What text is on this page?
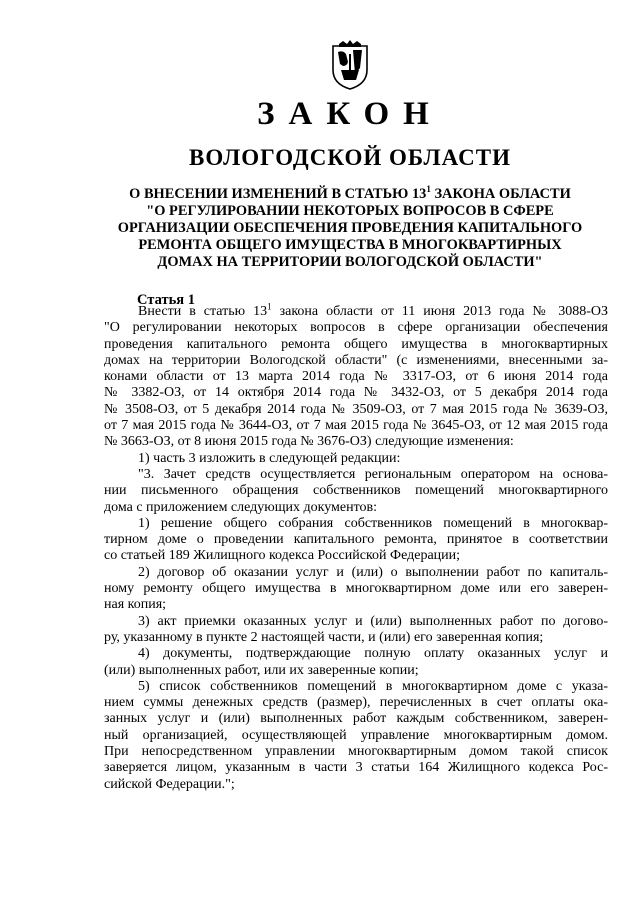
ЗАКОН
ВОЛОГОДСКОЙ ОБЛАСТИ
О ВНЕСЕНИИ ИЗМЕНЕНИЙ В СТАТЬЮ $13^1$ ЗАКОНА ОБЛАСТИ
"О РЕГУЛИРОВАНИИ НЕКОТОРЫХ ВОПРОСОВ В СФЕРЕ
ОРГАНИЗАЦИИ ОБЕСПЕЧЕНИЯ ПРОВЕДЕНИЯ КАПИТАЛЬНОГО
РЕМОНТА ОБЩЕГО ИМУЩЕСТВА В МНОГОКВАРТИРНЫХ
ДОМАХ НА ТЕРРИТОРИИ ВОЛОГОДСКОЙ ОБЛАСТИ"
Статья 1
Внести в статью $13^1$ закона области от 11 июня 2013 года № 3088-ОЗ
"О регулировании некоторых вопросов в сфере организации обеспечения
проведения капитального ремонта общего имущества в многоквартирных
домах на территории Вологодской области" (с изменениями, внесенными за-
конами области от 13 марта 2014 года № 3317-ОЗ, от 6 июня 2014 года
№ 3382-ОЗ, от 14 октября 2014 года № 3432-ОЗ, от 5 декабря 2014 года
№ 3508-ОЗ, от 5 декабря 2014 года № 3509-ОЗ, от 7 мая 2015 года № 3639-ОЗ,
от 7 мая 2015 года № 3644-ОЗ, от 7 мая 2015 года № 3645-ОЗ, от 12 мая 2015 года
№ 3663-ОЗ, от 8 июня 2015 года № 3676-ОЗ) следующие изменения:
1) часть 3 изложить в следующей редакции:
"3. Зачет средств осуществляется региональным оператором на основа-
нии письменного обращения собственников помещений многоквартирного
дома с приложением следующих документов:
1) решение общего собрания собственников помещений в многоквар-
тирном доме о проведении капитального ремонта, принятое в соответствии
со статьей 189 Жилищного кодекса Российской Федерации;
2) договор об оказании услуг и (или) о выполнении работ по капиталь-
ному ремонту общего имущества в многоквартирном доме или его заверен-
ная копия;
3) акт приемки оказанных услуг и (или) выполненных работ по догово-
ру, указанному в пункте 2 настоящей части, и (или) его заверенная копия;
4) документы, подтверждающие полную оплату оказанных услуг и
(или) выполненных работ, или их заверенные копии;
5) список собственников помещений в многоквартирном доме с указа-
нием суммы денежных средств (размер), перечисленных в счет оплаты ока-
занных услуг и (или) выполненных работ каждым собственником, заверен-
ный организацией, осуществляющей управление многоквартирным домом.
При непосредственном управлении многоквартирным домом такой список
заверяется лицом, указанным в части 3 статьи 164 Жилищного кодекса Рос-
сийской Федерации.";
